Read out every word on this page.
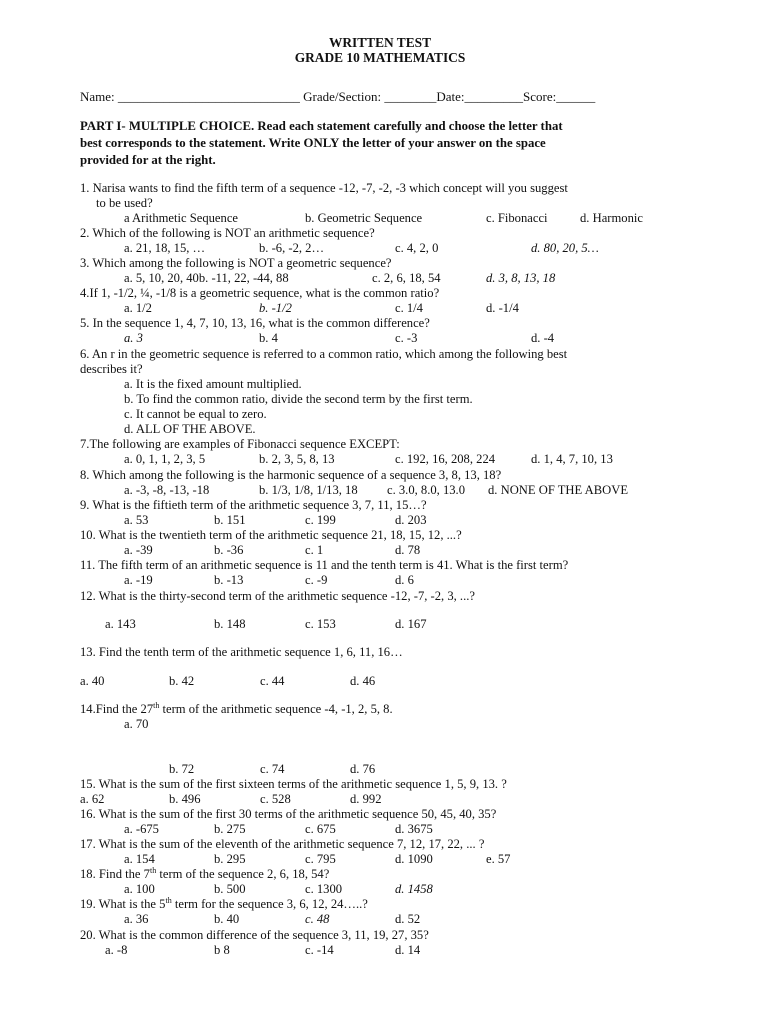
WRITTEN TEST
GRADE 10 MATHEMATICS
Name: ____________________________ Grade/Section: ________Date:_________Score:______
PART I- MULTIPLE CHOICE. Read each statement carefully and choose the letter that
best corresponds to the statement. Write ONLY the letter of your answer on the space
provided for at the right.
1. Narisa wants to find the fifth term of a sequence -12, -7, -2, -3 which concept will you suggest
to be used?
a Arithmetic Sequence	b. Geometric Sequence	c. Fibonacci	d. Harmonic
2. Which of the following is NOT an arithmetic sequence?
a. 21, 18, 15, …	b. -6, -2, 2…	c. 4, 2, 0	d. 80, 20, 5…
3. Which among the following is NOT a geometric sequence?
a. 5, 10, 20, 40b. -11, 22, -44, 88	c. 2, 6, 18, 54	d. 3, 8, 13, 18
4.If 1, -1/2, ¼, -1/8 is a geometric sequence, what is the common ratio?
a. 1/2	b. -1/2	c. 1/4	d. -1/4
5. In the sequence 1, 4, 7, 10, 13, 16, what is the common difference?
a. 3	b. 4	c. -3	d. -4
6. An r in the geometric sequence is referred to a common ratio, which among the following best
describes it?
a. It is the fixed amount multiplied.
b. To find the common ratio, divide the second term by the first term.
c. It cannot be equal to zero.
d. ALL OF THE ABOVE.
7.The following are examples of Fibonacci sequence EXCEPT:
a. 0, 1, 1, 2, 3, 5	b. 2, 3, 5, 8, 13	c. 192, 16, 208, 224	d. 1, 4, 7, 10, 13
8. Which among the following is the harmonic sequence of a sequence 3, 8, 13, 18?
a. -3, -8, -13, -18	b. 1/3, 1/8, 1/13, 18 c. 3.0, 8.0, 13.0 d. NONE OF THE ABOVE
9. What is the fiftieth term of the arithmetic sequence 3, 7, 11, 15…?
a. 53	b. 151	c. 199	d. 203
10. What is the twentieth term of the arithmetic sequence 21, 18, 15, 12, ...?
a. -39	b. -36	c. 1	d. 78
11. The fifth term of an arithmetic sequence is 11 and the tenth term is 41. What is the first term?
a. -19	b. -13	c. -9	d. 6
12. What is the thirty-second term of the arithmetic sequence -12, -7, -2, 3, ...?
a. 143	b. 148	c. 153	d. 167
13. Find the tenth term of the arithmetic sequence 1, 6, 11, 16…
a. 40	b. 42	c. 44	d. 46
14.Find the 27th term of the arithmetic sequence -4, -1, 2, 5, 8.
a. 70
b. 72	c. 74	d. 76
15. What is the sum of the first sixteen terms of the arithmetic sequence 1, 5, 9, 13. ?
a. 62	b. 496	c. 528	d. 992
16. What is the sum of the first 30 terms of the arithmetic sequence 50, 45, 40, 35?
a. -675	b. 275	c. 675	d. 3675
17. What is the sum of the eleventh of the arithmetic sequence 7, 12, 17, 22, ... ?
a. 154	b. 295	c. 795	d. 1090	e. 57
18. Find the 7th term of the sequence 2, 6, 18, 54?
a. 100	b. 500	c. 1300	d. 1458
19. What is the 5th term for the sequence 3, 6, 12, 24…..?
a. 36	b. 40	c. 48	d. 52
20. What is the common difference of the sequence 3, 11, 19, 27, 35?
a. -8	b 8	c. -14	d. 14
